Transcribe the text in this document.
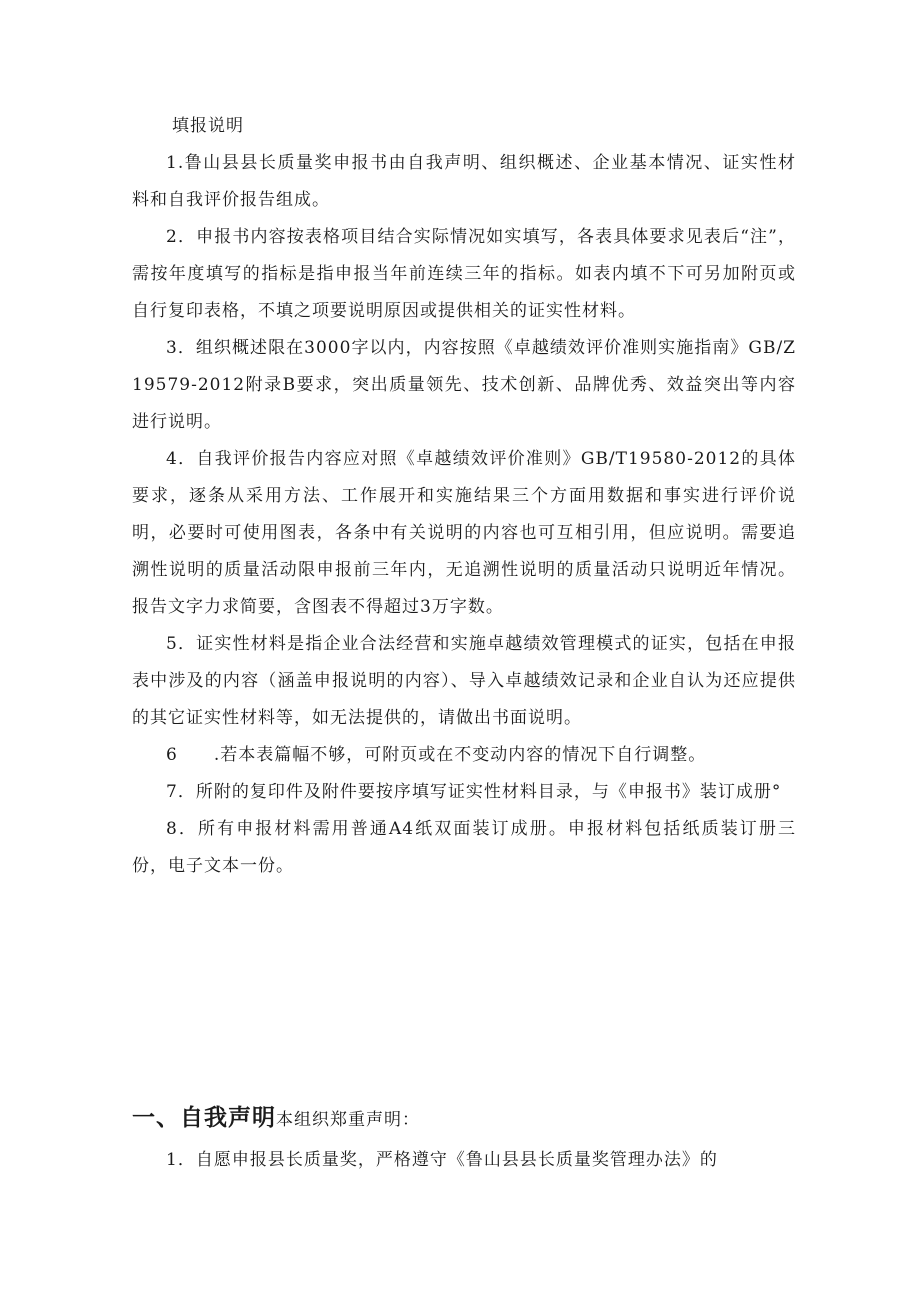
填报说明

1.鲁山县县长质量奖申报书由自我声明、组织概述、企业基本情况、证实性材料和自我评价报告组成。

2．申报书内容按表格项目结合实际情况如实填写，各表具体要求见表后“注”，需按年度填写的指标是指申报当年前连续三年的指标。如表内填不下可另加附页或自行复印表格，不填之项要说明原因或提供相关的证实性材料。

3．组织概述限在3000字以内，内容按照《卓越绩效评价准则实施指南》GB/Z19579-2012附录B要求，突出质量领先、技术创新、品牌优秀、效益突出等内容进行说明。

4．自我评价报告内容应对照《卓越绩效评价准则》GB/T19580-2012的具体要求，逐条从采用方法、工作展开和实施结果三个方面用数据和事实进行评价说明，必要时可使用图表，各条中有关说明的内容也可互相引用，但应说明。需要追溯性说明的质量活动限申报前三年内，无追溯性说明的质量活动只说明近年情况。报告文字力求简要，含图表不得超过3万字数。

5．证实性材料是指企业合法经营和实施卓越绩效管理模式的证实，包括在申报表中涉及的内容（涵盖申报说明的内容）、导入卓越绩效记录和企业自认为还应提供的其它证实性材料等，如无法提供的，请做出书面说明。

6　　.若本表篇幅不够，可附页或在不变动内容的情况下自行调整。

7．所附的复印件及附件要按序填写证实性材料目录，与《申报书》装订成册°

8．所有申报材料需用普通A4纸双面装订成册。申报材料包括纸质装订册三份，电子文本一份。

一、自我声明本组织郑重声明：

1．自愿申报县长质量奖，严格遵守《鲁山县县长质量奖管理办法》的
